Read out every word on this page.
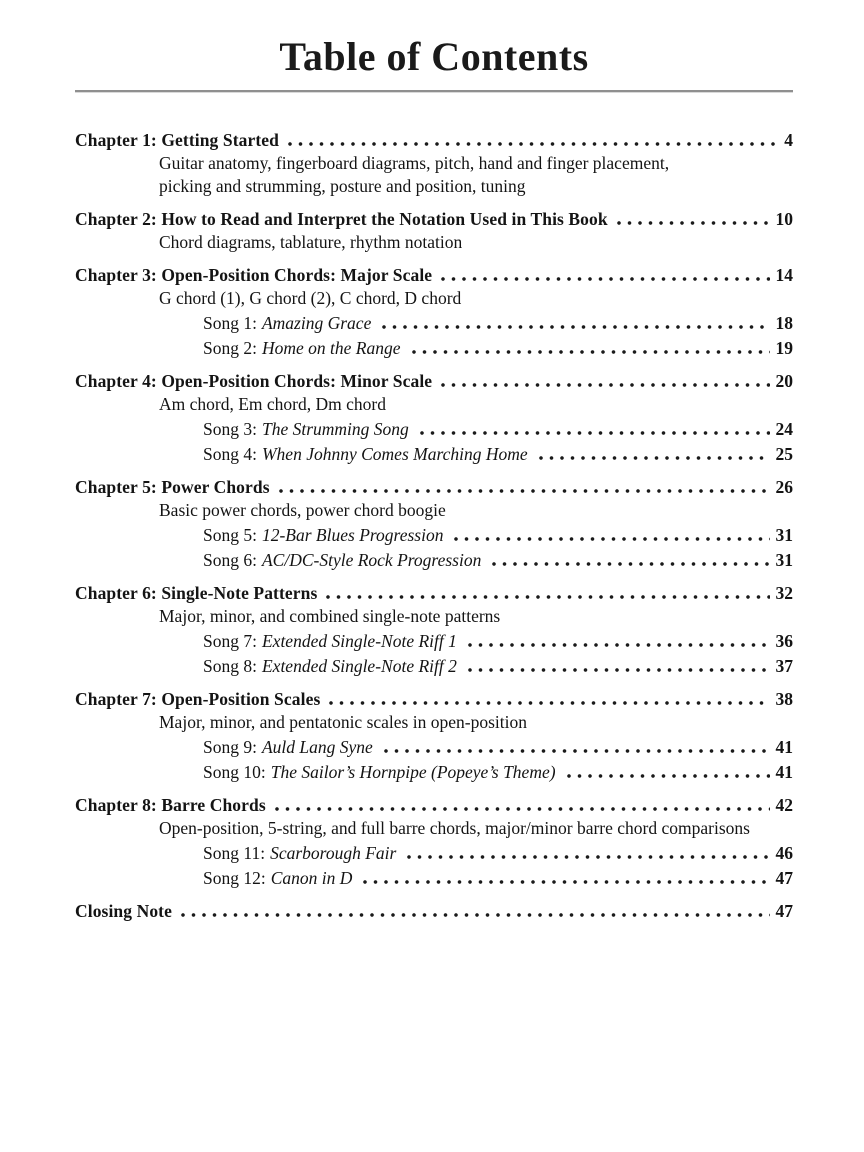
Table of Contents
Chapter 1: Getting Started	4
Guitar anatomy, fingerboard diagrams, pitch, hand and finger placement,
picking and strumming, posture and position, tuning
Chapter 2: How to Read and Interpret the Notation Used in This Book	10
Chord diagrams, tablature, rhythm notation
Chapter 3: Open-Position Chords: Major Scale	14
G chord (1), G chord (2), C chord, D chord
Song 1: Amazing Grace	18
Song 2: Home on the Range	19
Chapter 4: Open-Position Chords: Minor Scale	20
Am chord, Em chord, Dm chord
Song 3: The Strumming Song	24
Song 4: When Johnny Comes Marching Home	25
Chapter 5: Power Chords	26
Basic power chords, power chord boogie
Song 5: 12-Bar Blues Progression	31
Song 6: AC/DC-Style Rock Progression	31
Chapter 6: Single-Note Patterns	32
Major, minor, and combined single-note patterns
Song 7: Extended Single-Note Riff 1	36
Song 8: Extended Single-Note Riff 2	37
Chapter 7: Open-Position Scales	38
Major, minor, and pentatonic scales in open-position
Song 9: Auld Lang Syne	41
Song 10: The Sailor’s Hornpipe (Popeye’s Theme)	41
Chapter 8: Barre Chords	42
Open-position, 5-string, and full barre chords, major/minor barre chord comparisons
Song 11: Scarborough Fair	46
Song 12: Canon in D	47
Closing Note	47
